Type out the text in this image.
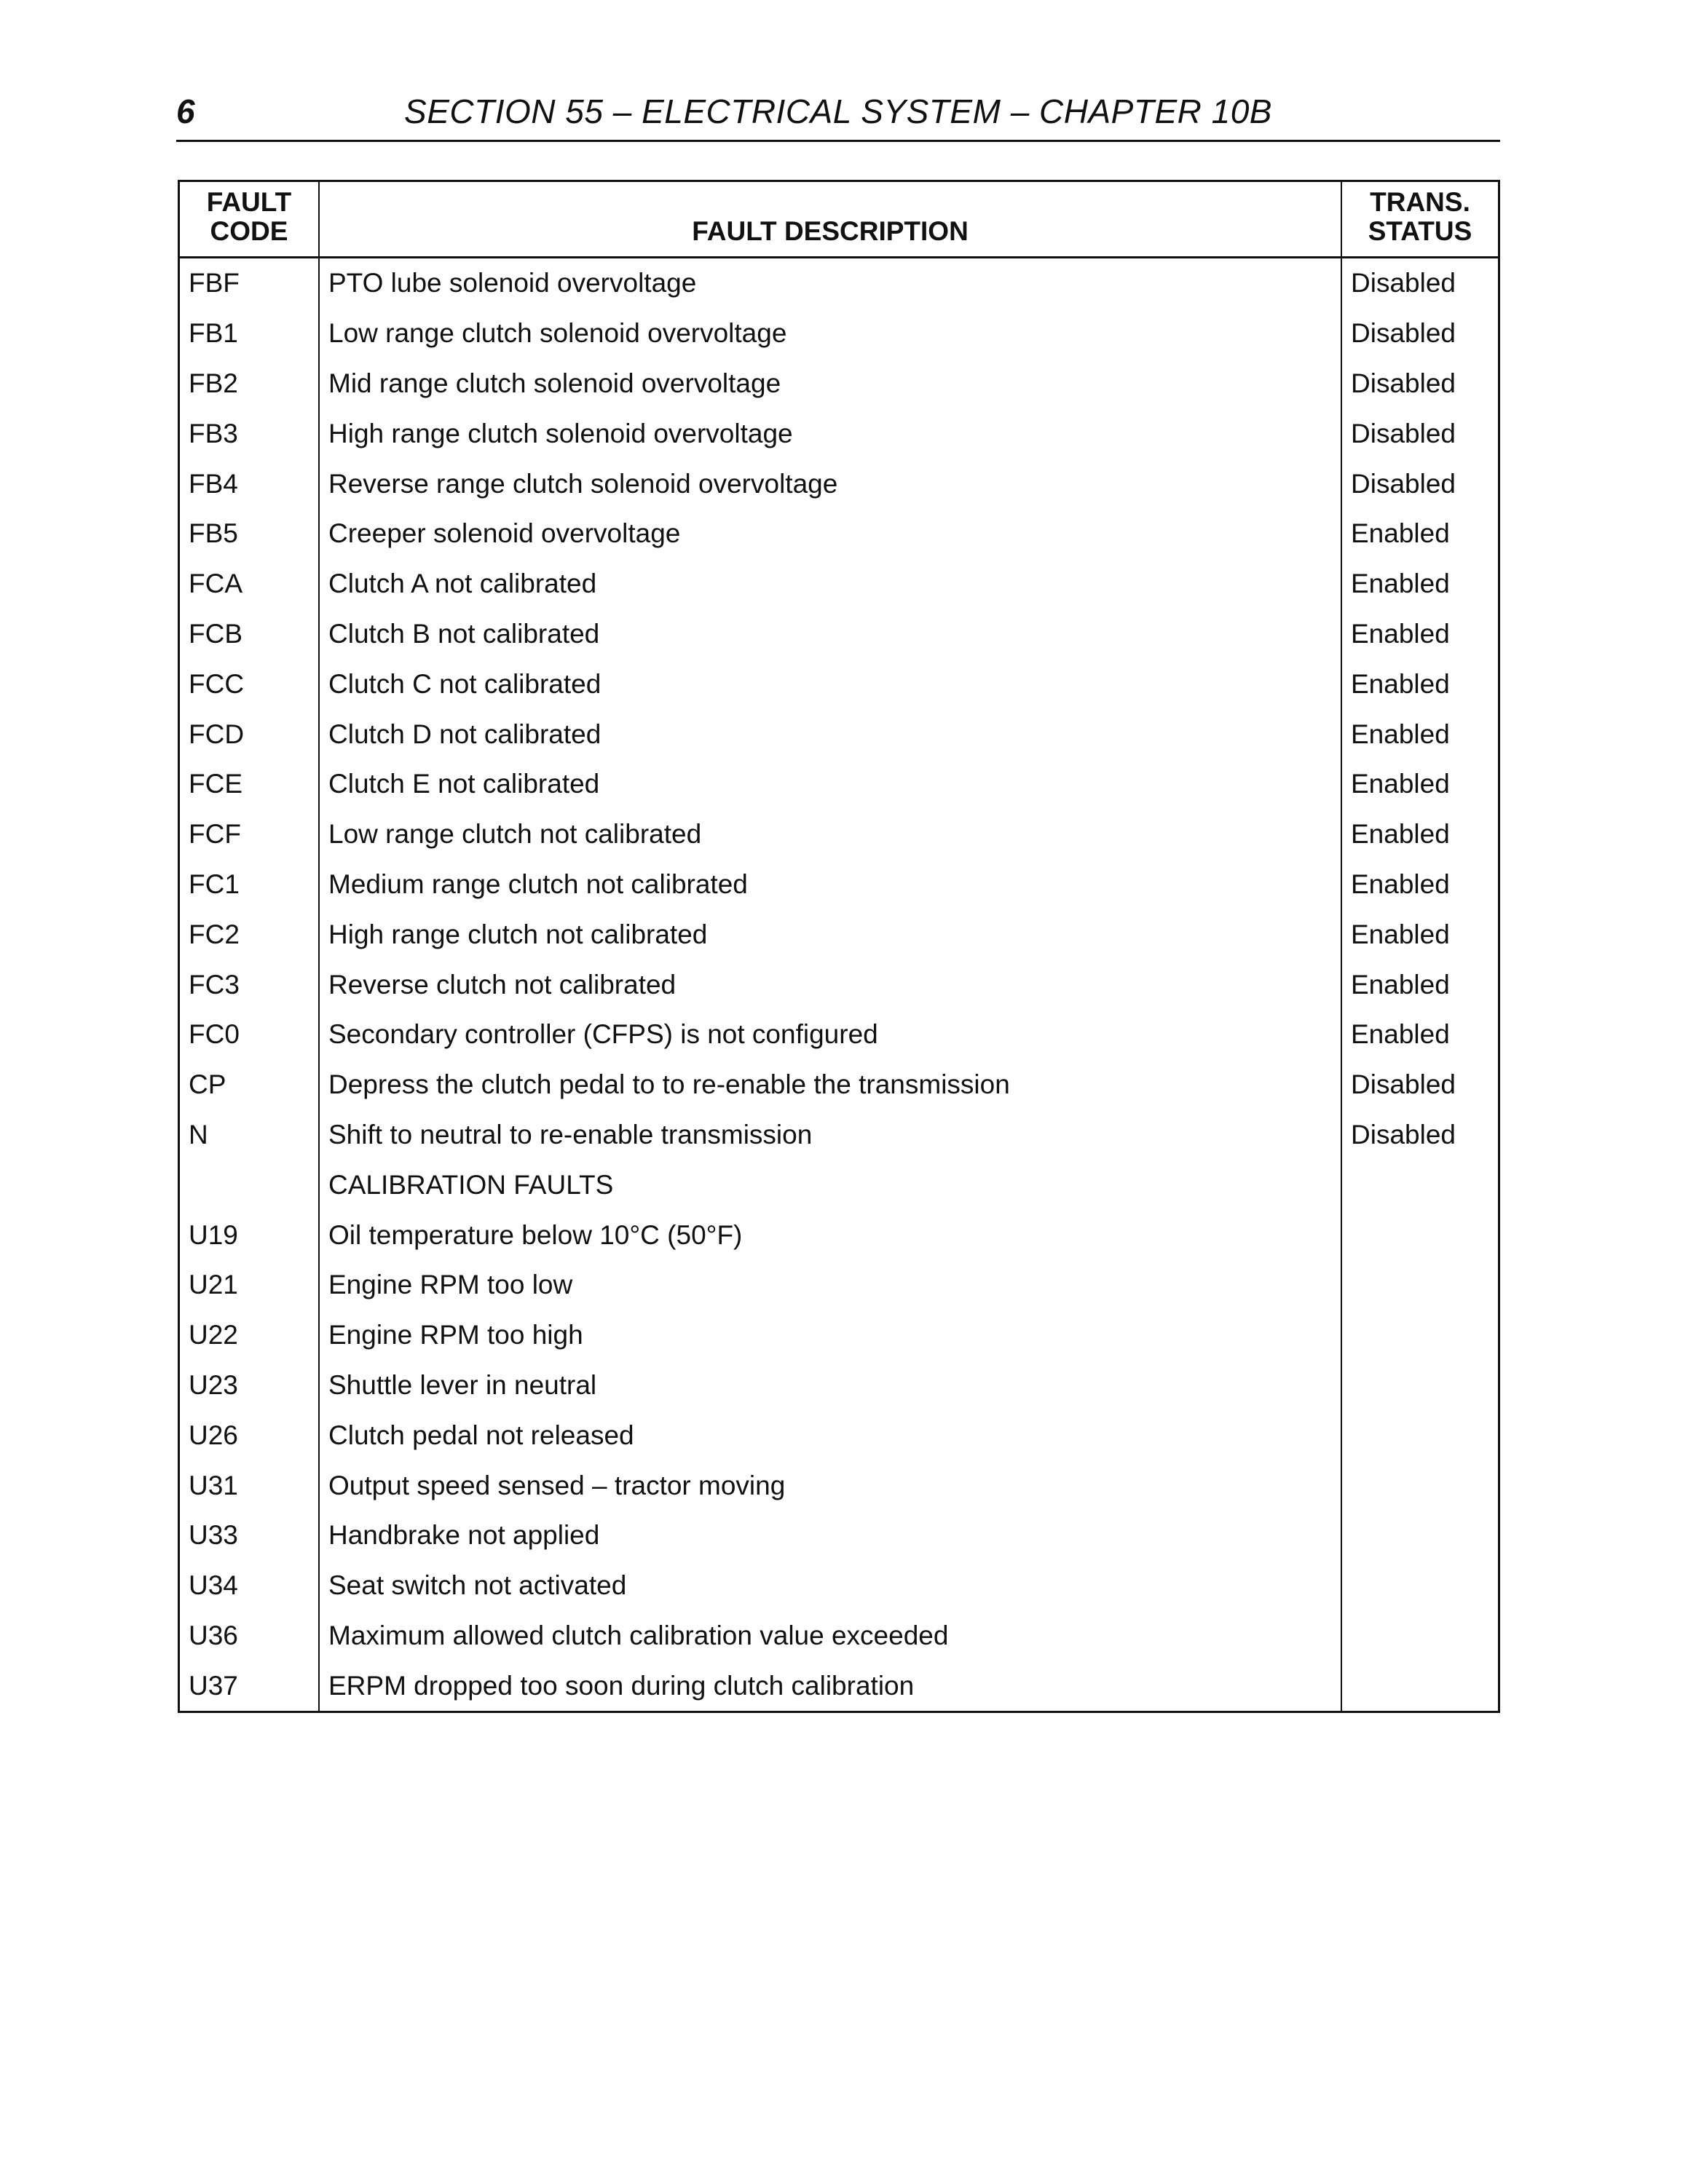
6	SECTION 55 – ELECTRICAL SYSTEM – CHAPTER 10B
FAULT CODE	FAULT DESCRIPTION	TRANS. STATUS
FBF	PTO lube solenoid overvoltage	Disabled
FB1	Low range clutch solenoid overvoltage	Disabled
FB2	Mid range clutch solenoid overvoltage	Disabled
FB3	High range clutch solenoid overvoltage	Disabled
FB4	Reverse range clutch solenoid overvoltage	Disabled
FB5	Creeper solenoid overvoltage	Enabled
FCA	Clutch A not calibrated	Enabled
FCB	Clutch B not calibrated	Enabled
FCC	Clutch C not calibrated	Enabled
FCD	Clutch D not calibrated	Enabled
FCE	Clutch E not calibrated	Enabled
FCF	Low range clutch not calibrated	Enabled
FC1	Medium range clutch not calibrated	Enabled
FC2	High range clutch not calibrated	Enabled
FC3	Reverse clutch not calibrated	Enabled
FC0	Secondary controller (CFPS) is not configured	Enabled
CP	Depress the clutch pedal to to re-enable the transmission	Disabled
N	Shift to neutral to re-enable transmission	Disabled
	CALIBRATION FAULTS	
U19	Oil temperature below 10°C (50°F)	
U21	Engine RPM too low	
U22	Engine RPM too high	
U23	Shuttle lever in neutral	
U26	Clutch pedal not released	
U31	Output speed sensed – tractor moving	
U33	Handbrake not applied	
U34	Seat switch not activated	
U36	Maximum allowed clutch calibration value exceeded	
U37	ERPM dropped too soon during clutch calibration	
